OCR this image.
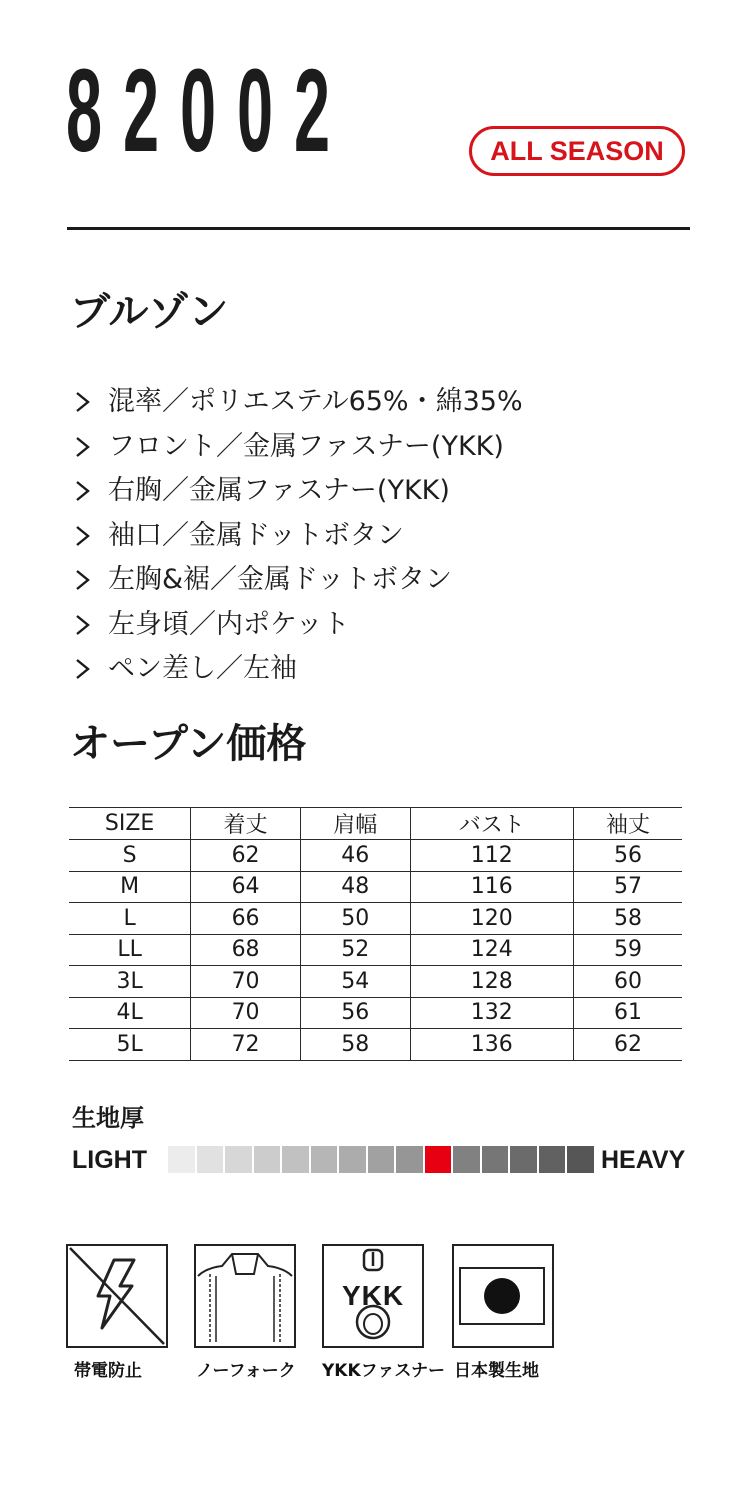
82002	ALL SEASON
ブルゾン
混率／ポリエステル65%・綿35%
フロント／金属ファスナー(YKK)
右胸／金属ファスナー(YKK)
袖口／金属ドットボタン
左胸&裾／金属ドットボタン
左身頃／内ポケット
ペン差し／左袖
オープン価格
SIZE	着丈	肩幅	バスト	袖丈
S	62	46	112	56
M	64	48	116	57
L	66	50	120	58
LL	68	52	124	59
3L	70	54	128	60
4L	70	56	132	61
5L	72	58	136	62
生地厚
LIGHT	HEAVY
帯電防止	ノーフォーク
YKK
YKKファスナー 日本製生地
